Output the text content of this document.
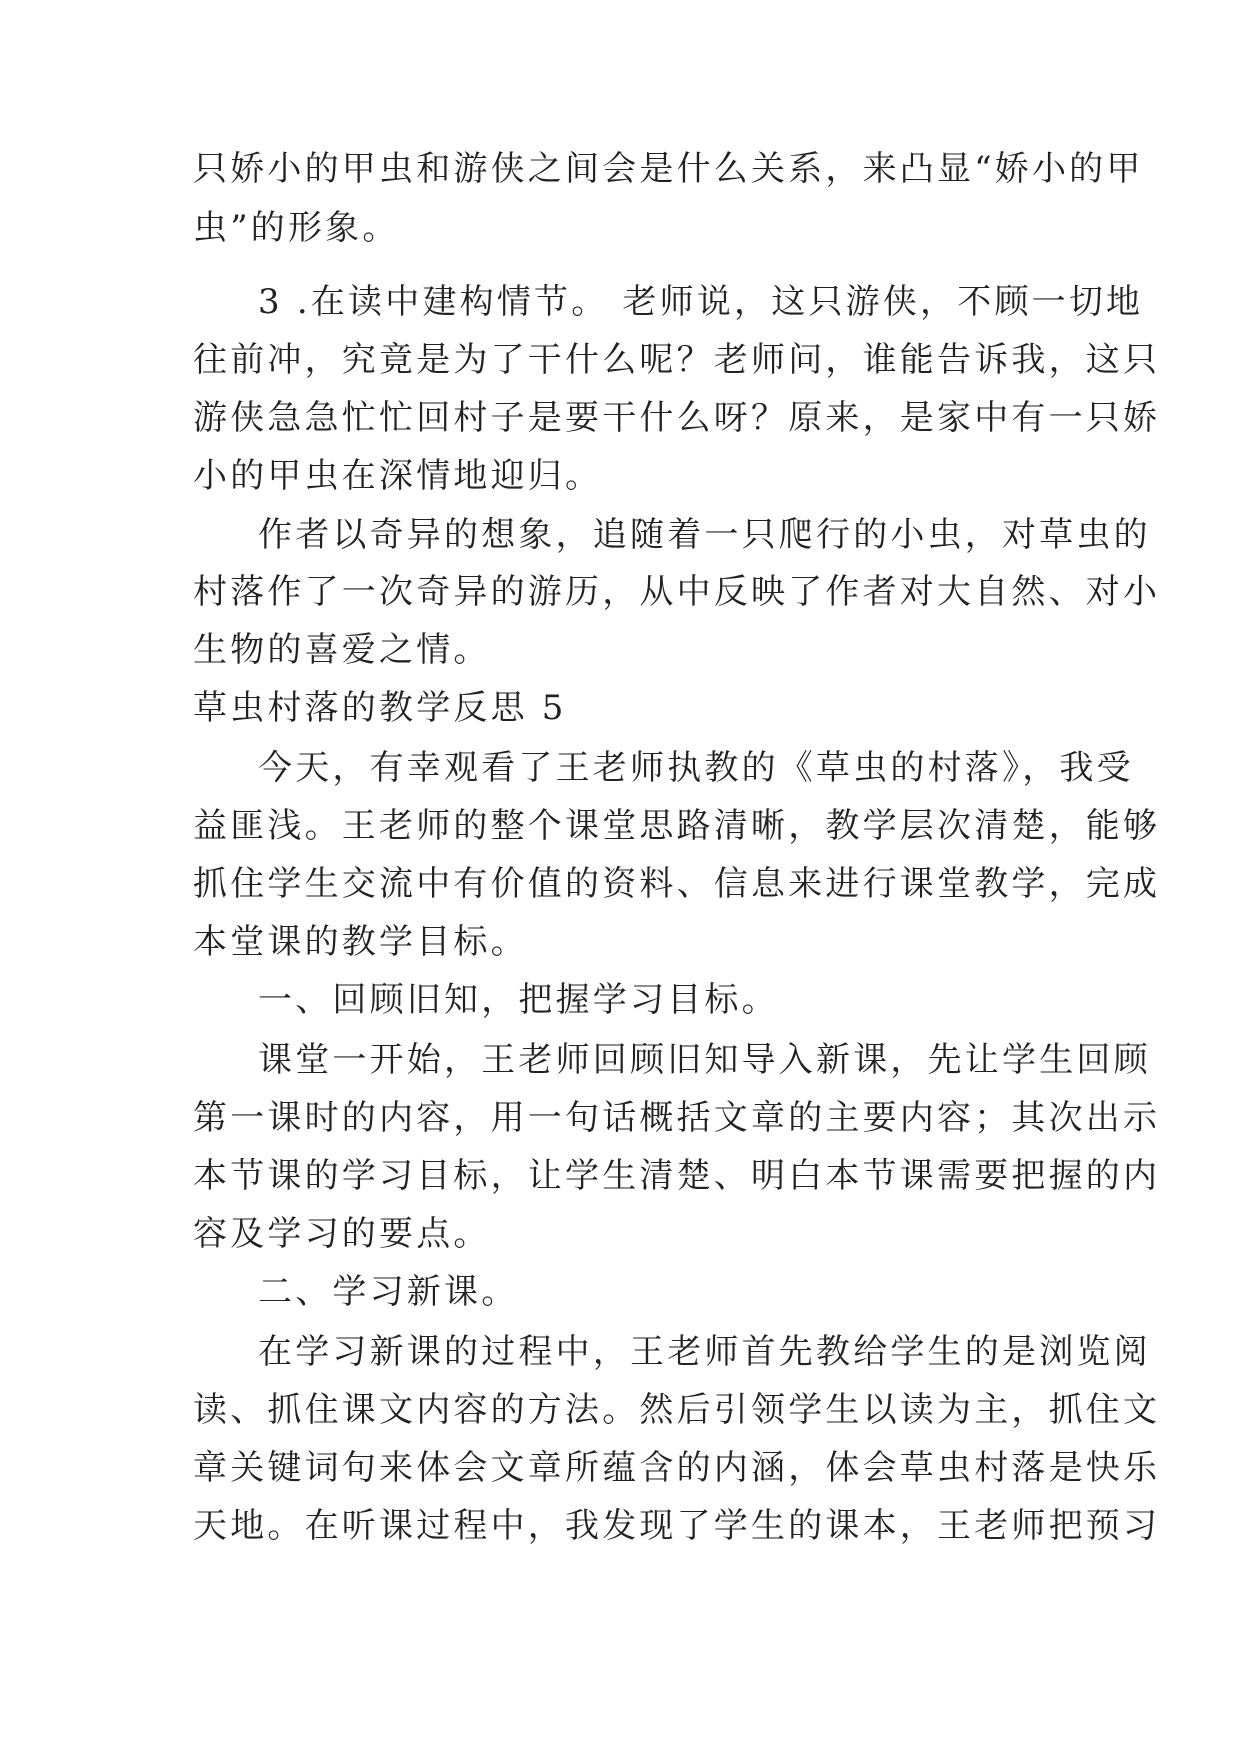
只娇小的甲虫和游侠之间会是什么关系，来凸显“娇小的甲
虫”的形象。
3 .在读中建构情节。 老师说，这只游侠，不顾一切地
往前冲，究竟是为了干什么呢？老师问，谁能告诉我，这只
游侠急急忙忙回村子是要干什么呀？原来，是家中有一只娇
小的甲虫在深情地迎归。
作者以奇异的想象，追随着一只爬行的小虫，对草虫的
村落作了一次奇异的游历，从中反映了作者对大自然、对小
生物的喜爱之情。
草虫村落的教学反思 5
今天，有幸观看了王老师执教的《草虫的村落》，我受
益匪浅。王老师的整个课堂思路清晰，教学层次清楚，能够
抓住学生交流中有价值的资料、信息来进行课堂教学，完成
本堂课的教学目标。
一、回顾旧知，把握学习目标。
课堂一开始，王老师回顾旧知导入新课，先让学生回顾
第一课时的内容，用一句话概括文章的主要内容；其次出示
本节课的学习目标，让学生清楚、明白本节课需要把握的内
容及学习的要点。
二、学习新课。
在学习新课的过程中，王老师首先教给学生的是浏览阅
读、抓住课文内容的方法。然后引领学生以读为主，抓住文
章关键词句来体会文章所蕴含的内涵，体会草虫村落是快乐
天地。在听课过程中，我发现了学生的课本，王老师把预习
